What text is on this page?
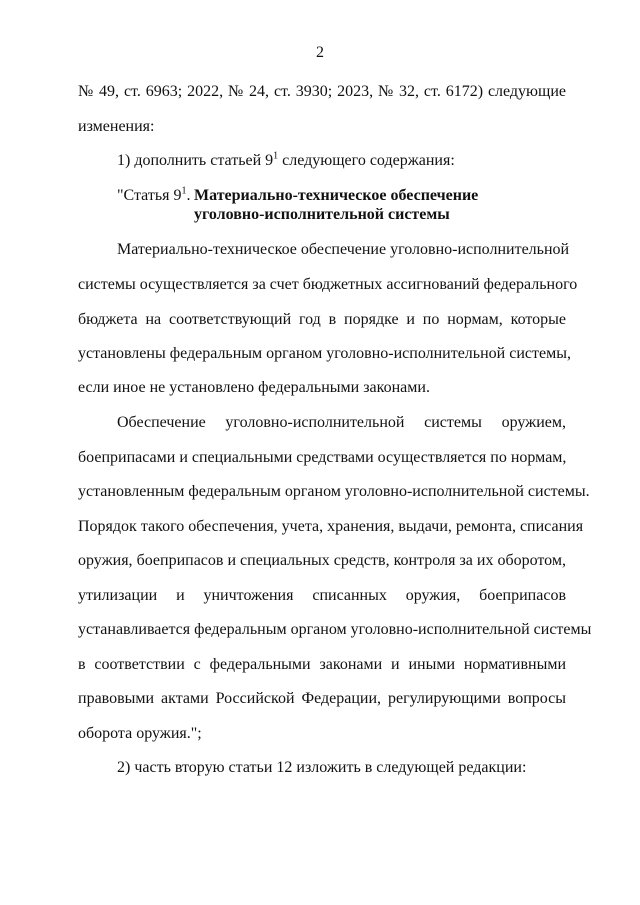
2
№ 49, ст. 6963; 2022, № 24, ст. 3930; 2023, № 32, ст. 6172) следующие
изменения:
1) дополнить статьей $9^1$ следующего содержания:
"Статья $9^1$. Материально-техническое обеспечение
уголовно-исполнительной системы
Материально-техническое обеспечение уголовно-исполнительной
системы осуществляется за счет бюджетных ассигнований федерального
бюджета на соответствующий год в порядке и по нормам, которые
установлены федеральным органом уголовно-исполнительной системы,
если иное не установлено федеральными законами.
Обеспечение уголовно-исполнительной системы оружием,
боеприпасами и специальными средствами осуществляется по нормам,
установленным федеральным органом уголовно-исполнительной системы.
Порядок такого обеспечения, учета, хранения, выдачи, ремонта, списания
оружия, боеприпасов и специальных средств, контроля за их оборотом,
утилизации и уничтожения списанных оружия, боеприпасов
устанавливается федеральным органом уголовно-исполнительной системы
в соответствии с федеральными законами и иными нормативными
правовыми актами Российской Федерации, регулирующими вопросы
оборота оружия.";
2) часть вторую статьи 12 изложить в следующей редакции:
